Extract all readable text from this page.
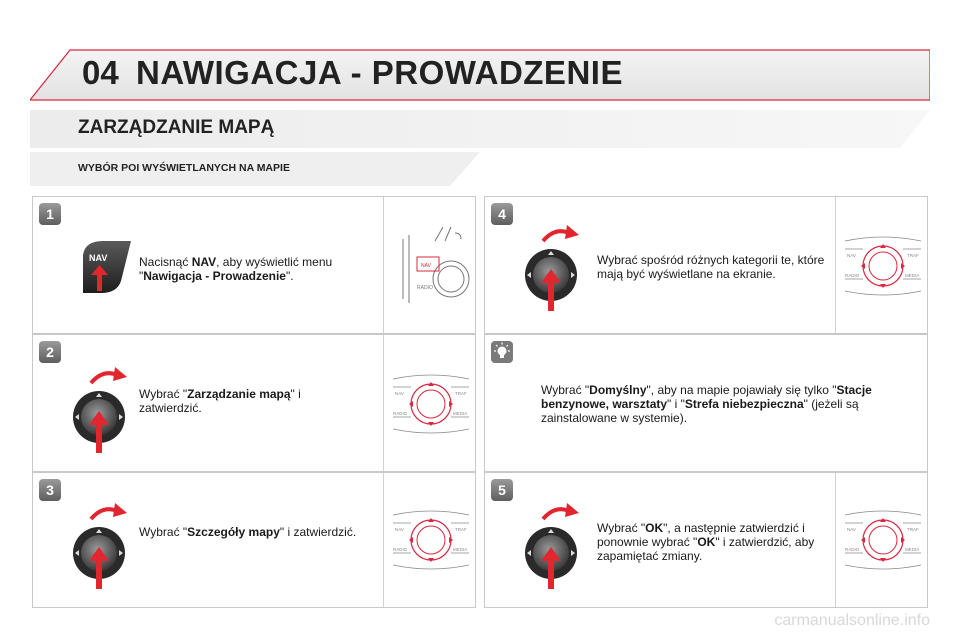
04 NAWIGACJA - PROWADZENIE
ZARZĄDZANIE MAPĄ
WYBÓR POI WYŚWIETLANYCH NA MAPIE
1
NAV	Nacisnąć NAV, aby wyświetlić menu "Nawigacja - Prowadzenie".
NAV
RADIO
2
Wybrać "Zarządzanie mapą" i zatwierdzić.
NAV	TRAF
RADIO	MEDIA
3
Wybrać "Szczegóły mapy" i zatwierdzić.	NAV	TRAF
RADIO	MEDIA
4
Wybrać spośród różnych kategorii te, które mają być wyświetlane na ekranie.
NAV	TRAF
RADIO	MEDIA
Wybrać "Domyślny", aby na mapie pojawiały się tylko "Stacje benzynowe, warsztaty" i "Strefa niebezpieczna" (jeżeli są zainstalowane w systemie).
5
Wybrać "OK", a następnie zatwierdzić i ponownie wybrać "OK" i zatwierdzić, aby zapamiętać zmiany.
NAV	TRAF
RADIO	MEDIA
carmanualsonline.info
